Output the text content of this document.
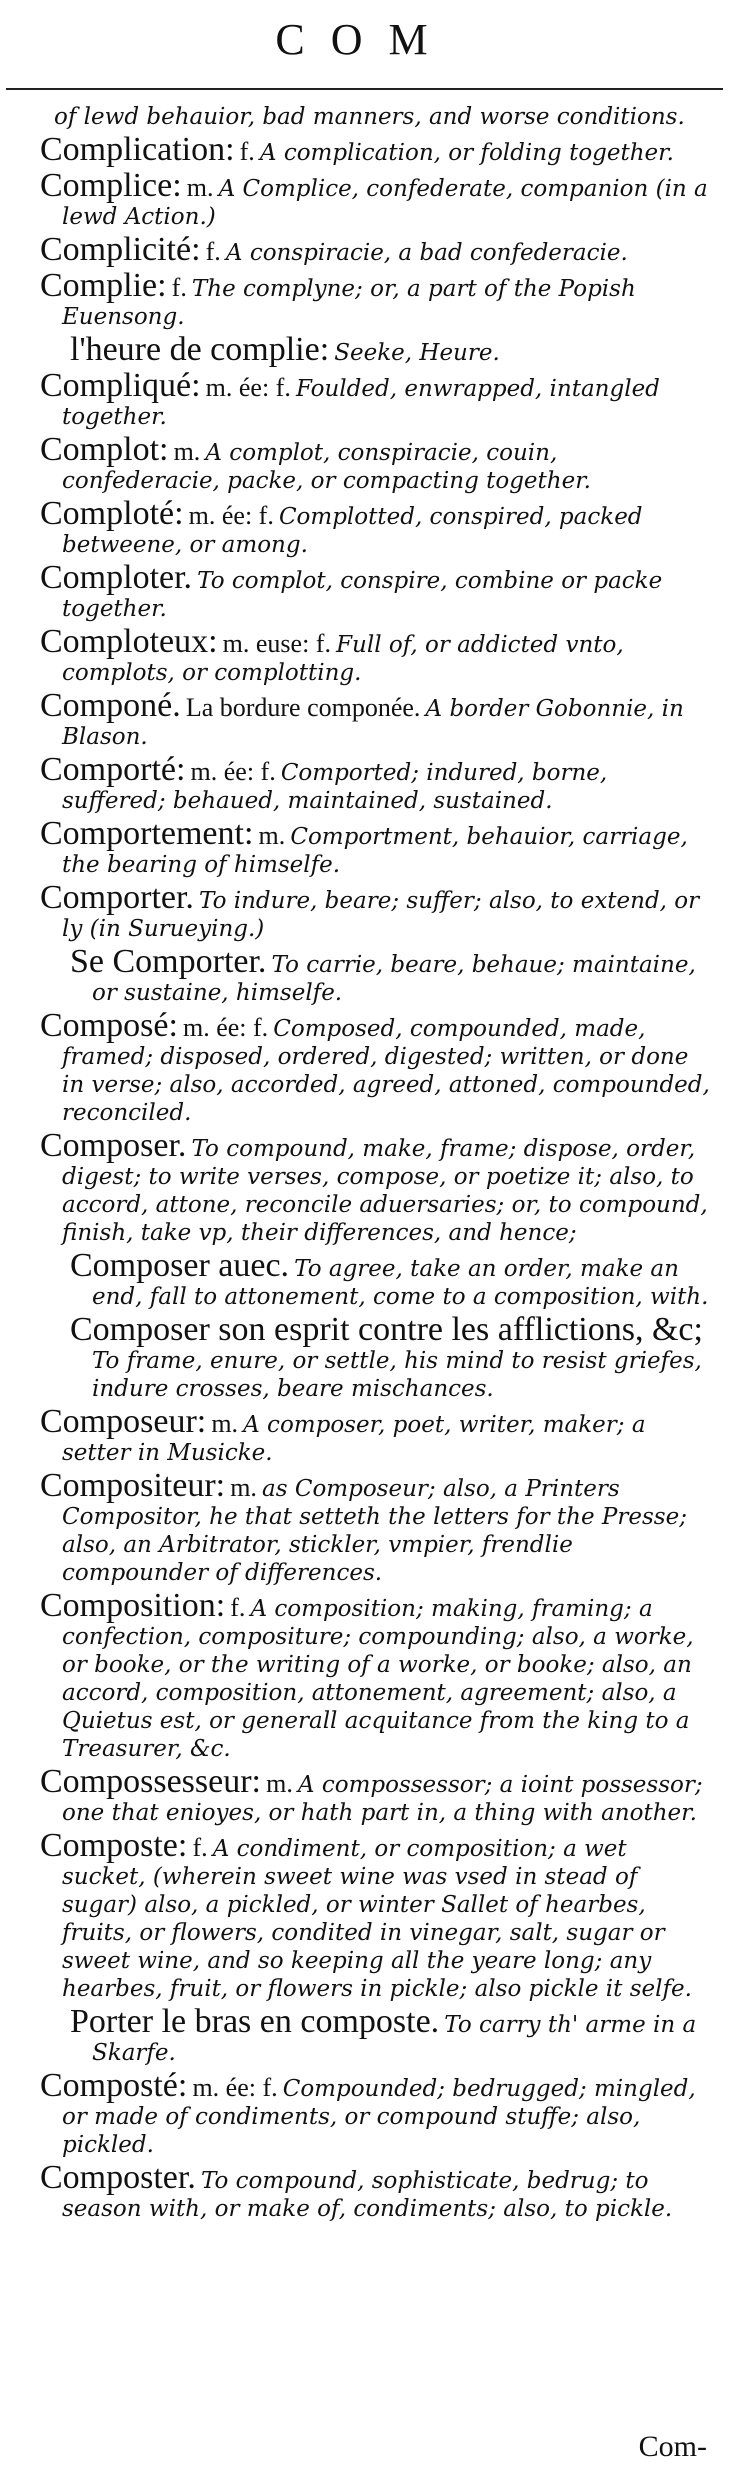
COM

of lewd behauior, bad manners, and worse conditions.

Complication: f. A complication, or folding together.

Complice: m. A Complice, confederate, companion (in a lewd Action.)

Complicité: f. A conspiracie, a bad confederacie.

Complie: f. The complyne; or, a part of the Popish Euensong.

l'heure de complie: Seeke, Heure.

Compliqué: m. ée: f. Foulded, enwrapped, intangled together.

Complot: m. A complot, conspiracie, couin, confederacie, packe, or compacting together.

Comploté: m. ée: f. Complotted, conspired, packed betweene, or among.

Comploter. To complot, conspire, combine or packe together.

Comploteux: m. euse: f. Full of, or addicted vnto, complots, or complotting.

Componé. La bordure componée. A border Gobonnie, in Blason.

Comporté: m. ée: f. Comported; indured, borne, suffered; behaued, maintained, sustained.

Comportement: m. Comportment, behauior, carriage, the bearing of himselfe.

Comporter. To indure, beare; suffer; also, to extend, or ly (in Surueying.)

Se Comporter. To carrie, beare, behaue; maintaine, or sustaine, himselfe.

Composé: m. ée: f. Composed, compounded, made, framed; disposed, ordered, digested; written, or done in verse; also, accorded, agreed, attoned, compounded, reconciled.

Composer. To compound, make, frame; dispose, order, digest; to write verses, compose, or poetize it; also, to accord, attone, reconcile aduersaries; or, to compound, finish, take vp, their differences, and hence;

Composer auec. To agree, take an order, make an end, fall to attonement, come to a composition, with.

Composer son esprit contre les afflictions, &c; To frame, enure, or settle, his mind to resist griefes, indure crosses, beare mischances.

Composeur: m. A composer, poet, writer, maker; a setter in Musicke.

Compositeur: m. as Composeur; also, a Printers Compositor, he that setteth the letters for the Presse; also, an Arbitrator, stickler, vmpier, frendlie compounder of differences.

Composition: f. A composition; making, framing; a confection, compositure; compounding; also, a worke, or booke, or the writing of a worke, or booke; also, an accord, composition, attonement, agreement; also, a Quietus est, or generall acquitance from the king to a Treasurer, &c.

Compossesseur: m. A compossessor; a ioint possessor; one that enioyes, or hath part in, a thing with another.

Composte: f. A condiment, or composition; a wet sucket, (wherein sweet wine was vsed in stead of sugar) also, a pickled, or winter Sallet of hearbes, fruits, or flowers, condited in vinegar, salt, sugar or sweet wine, and so keeping all the yeare long; any hearbes, fruit, or flowers in pickle; also pickle it selfe.

Porter le bras en composte. To carry th' arme in a Skarfe.

Composté: m. ée: f. Compounded; bedrugged; mingled, or made of condiments, or compound stuffe; also, pickled.

Composter. To compound, sophisticate, bedrug; to season with, or make of, condiments; also, to pickle.

Com-
